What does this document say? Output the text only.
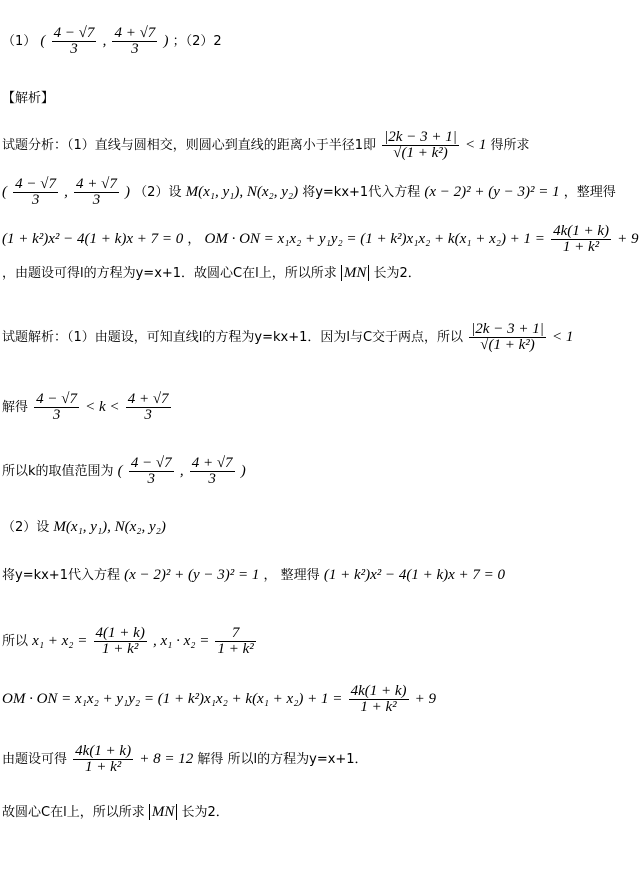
（1） ( $\frac{4 - √7}{3}$ , $\frac{4 + √7}{3}$ ) ；（2）2
【解析】
试题分析：（1）直线与圆相交，则圆心到直线的距离小于半径1即 $\frac{|2k - 3 + 1|}{\text{√(1 + k²)}} < 1$ 得所求
( $\frac{4 - √7}{3}$ , $\frac{4 + √7}{3}$ ) （2）设 M(x₁, y₁), N(x₂, y₂) 将y=kx+1代入方程 (x − 2)² + (y − 3)² = 1 ，整理得
(1 + k²)x² − 4(1 + k)x + 7 = 0 ， OM · ON = $x_1x_2 + y_1y_2 = (1 + k^2)x_1x_2 + k(x_1 + x_2) + 1 = \frac{4k(1 + k)}{\text{1 + k²}} + 9$
，由题设可得l的方程为y=x+1．故圆心C在l上，所以所求 MN 长为2．
试题解析：（1）由题设，可知直线l的方程为y=kx+1．因为l与C交于两点，所以 $\frac{|2k - 3 + 1|}{\text{√(1 + k²)}} < 1$
解得 $\frac{4 - √7}{3} < k < \frac{4 + √7}{3}$
所以k的取值范围为 ( $\frac{4 - √7}{3}$ , $\frac{4 + √7}{3}$ )
（2）设 M(x₁, y₁), N(x₂, y₂)
将y=kx+1代入方程 (x − 2)² + (y − 3)² = 1 ， 整理得 (1 + k²)x² − 4(1 + k)x + 7 = 0
所以 $x_1 + x_2 = \frac{4(1 + k)}{\text{1 + k²}}$ , $x_1 \cdot x_2 = \frac{7}{\text{1 + k²}}$
OM · ON = $x_1x_2 + y_1y_2 = (1 + k^2)x_1x_2 + k(x_1 + x_2) + 1 = \frac{4k(1 + k)}{\text{1 + k²}} + 9$
由题设可得 $\frac{4k(1 + k)}{\text{1 + k²}} + 8 = 12$ 解得 所以l的方程为y=x+1．
故圆心C在l上，所以所求 MN 长为2．
